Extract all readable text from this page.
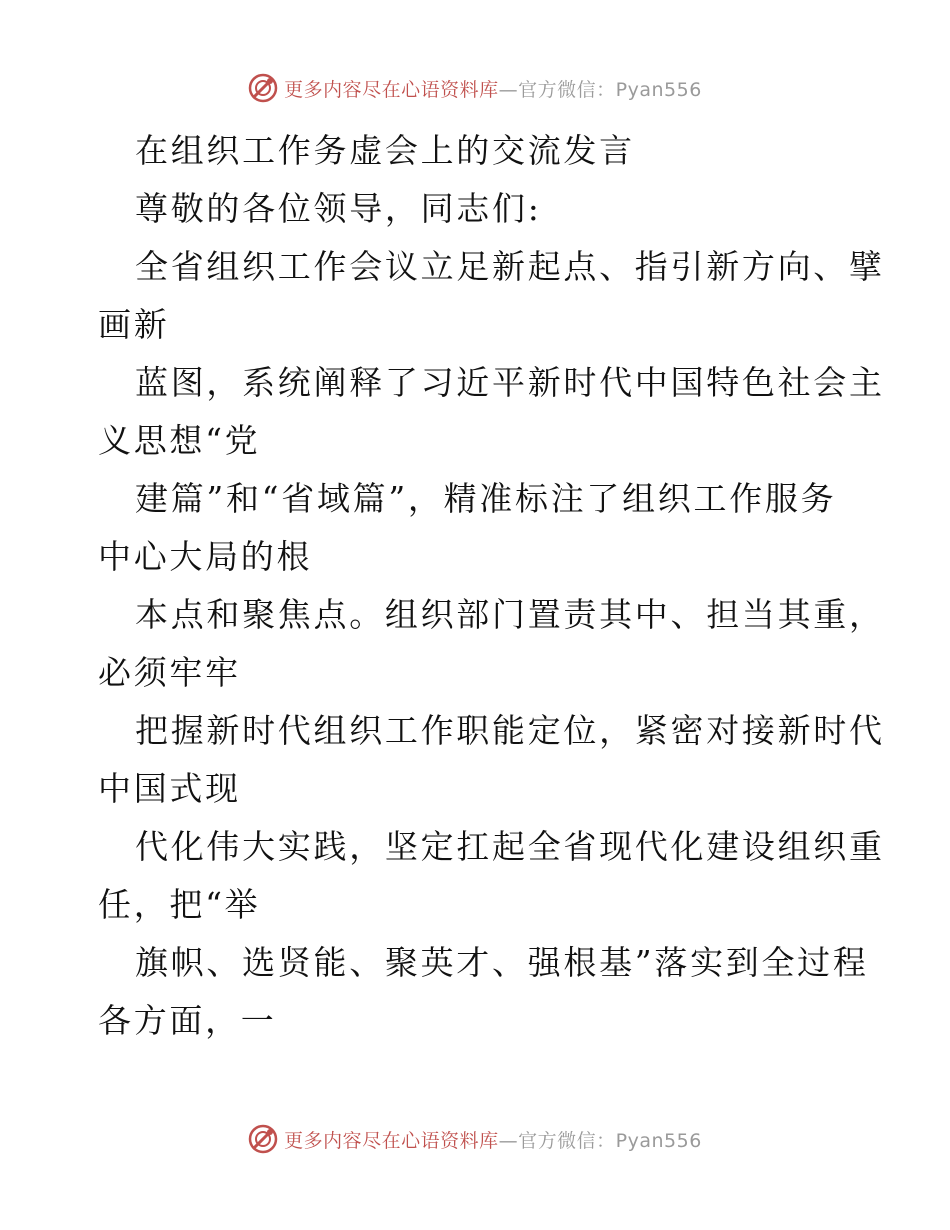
更多内容尽在心语资料库 —官方微信：Pyan556

在组织工作务虚会上的交流发言

尊敬的各位领导，同志们:

全省组织工作会议立足新起点、指引新方向、擘

画新

蓝图，系统阐释了习近平新时代中国特色社会主

义思想“党

建篇”和“省域篇”，精准标注了组织工作服务

中心大局的根

本点和聚焦点。组织部门置责其中、担当其重，

必须牢牢

把握新时代组织工作职能定位，紧密对接新时代

中国式现

代化伟大实践，坚定扛起全省现代化建设组织重

任，把“举

旗帜、选贤能、聚英才、强根基”落实到全过程

各方面，一

更多内容尽在心语资料库 —官方微信：Pyan556
